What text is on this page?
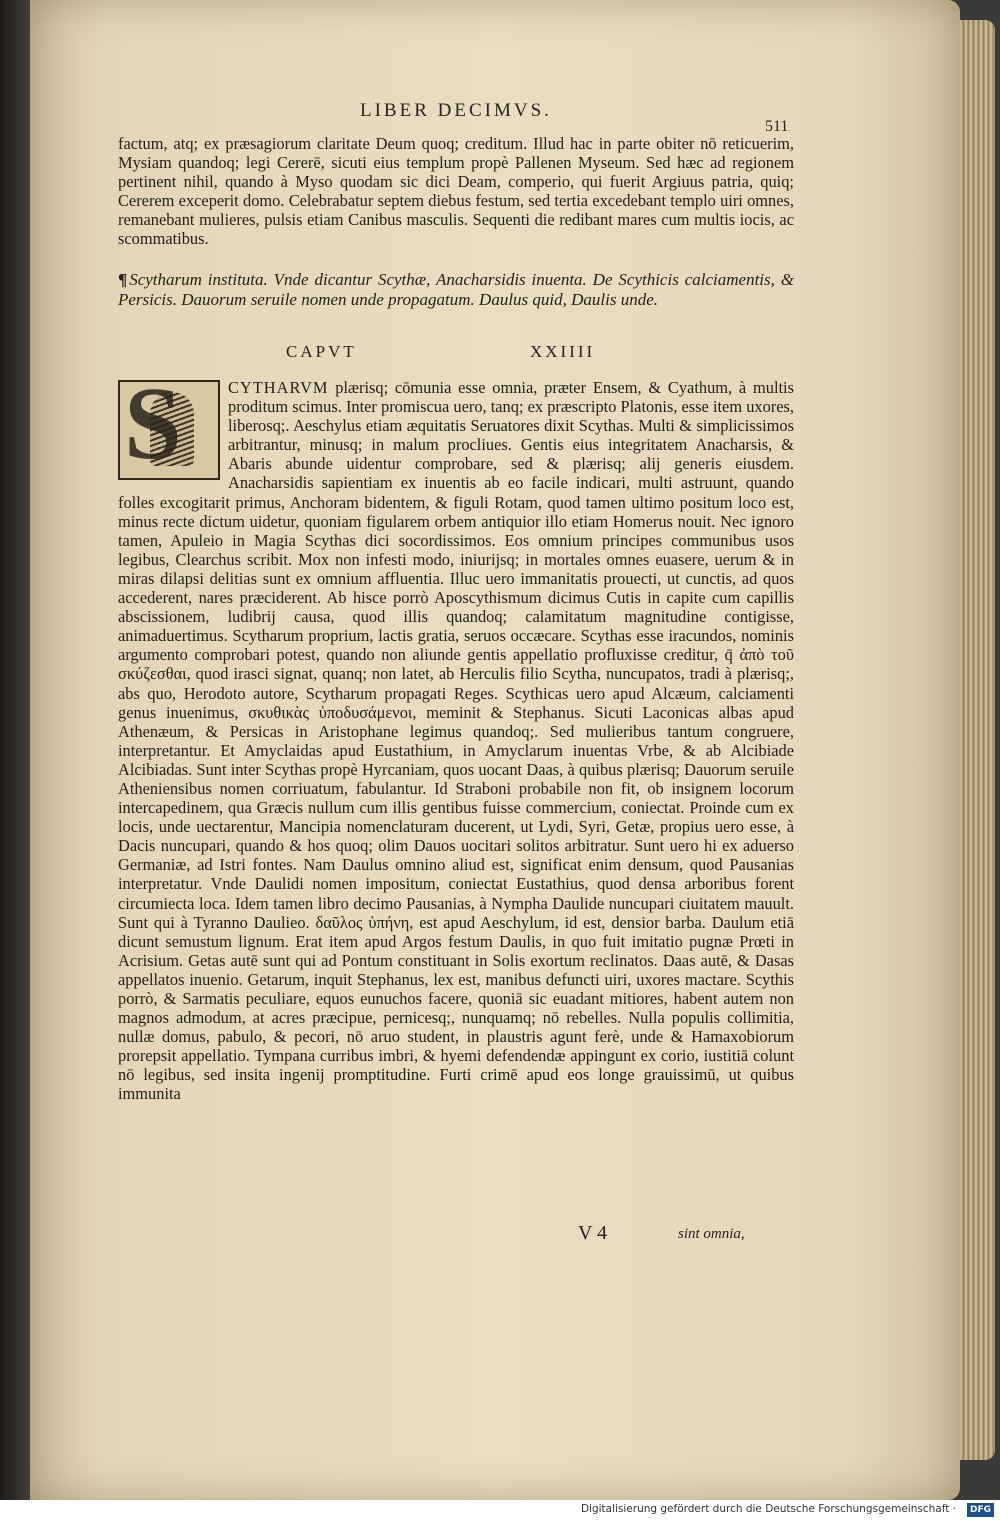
LIBER DECIMVS.

511

factum, atq; ex præsagiorum claritate Deum quoq; creditum. Illud hac in parte obiter nō reticuerim, Mysiam quandoq; legi Cererē, sicuti eius templum propè Pallenen Myseum. Sed hæc ad regionem pertinent nihil, quando à Myso quodam sic dici Deam, comperio, qui fuerit Argiuus patria, quiq; Cererem exceperit domo. Celebrabatur septem diebus festum, sed tertia excedebant templo uiri omnes, remanebant mulieres, pulsis etiam Canibus masculis. Sequenti die redibant mares cum multis iocis, ac scommatibus.

¶ Scytharum instituta. Vnde dicantur Scythæ, Anacharsidis inuenta. De Scythicis calciamentis, & Persicis. Dauorum seruile nomen unde propagatum. Daulus quid, Daulis unde.

CAPVT	XXIIII

S	CYTHARVM plærisq; cōmunia esse omnia, præter Ensem, & Cyathum, à multis proditum scimus. Inter promiscua uero, tanq; ex præscripto Platonis, esse item uxores, liberosq;. Aeschylus etiam æquitatis Seruatores dixit Scythas. Multi & simplicissimos arbitrantur, minusq; in malum procliues. Gentis eius integritatem Anacharsis, & Abaris abunde uidentur comprobare, sed & plærisq; alij generis eiusdem. Anacharsidis sapientiam ex inuentis ab eo facile indicari, multi astruunt, quando folles excogitarit primus, Anchoram bidentem, & figuli Rotam, quod tamen ultimo positum loco est, minus recte dictum uidetur, quoniam figularem orbem antiquior illo etiam Homerus nouit. Nec ignoro tamen, Apuleio in Magia Scythas dici socordissimos. Eos omnium principes communibus usos legibus, Clearchus scribit. Mox non infesti modo, iniurijsq; in mortales omnes euasere, uerum & in miras dilapsi delitias sunt ex omnium affluentia. Illuc uero immanitatis prouecti, ut cunctis, ad quos accederent, nares præciderent. Ab hisce porrò Aposcythismum dicimus Cutis in capite cum capillis abscissionem, ludibrij causa, quod illis quandoq; calamitatum magnitudine contigisse, animaduertimus. Scytharum proprium, lactis gratia, seruos occæcare. Scythas esse iracundos, nominis argumento comprobari potest, quando non aliunde gentis appellatio profluxisse creditur, q̄ ἀπὸ τοῦ σκύζεσθαι, quod irasci signat, quanq; non latet, ab Herculis filio Scytha, nuncupatos, tradi à plærisq;, abs quo, Herodoto autore, Scytharum propagati Reges. Scythicas uero apud Alcæum, calciamenti genus inuenimus, σκυθικὰς ὑποδυσάμενοι, meminit & Stephanus. Sicuti Laconicas albas apud Athenæum, & Persicas in Aristophane legimus quandoq;. Sed mulieribus tantum congruere, interpretantur. Et Amyclaidas apud Eustathium, in Amyclarum inuentas Vrbe, & ab Alcibiade Alcibiadas. Sunt inter Scythas propè Hyrcaniam, quos uocant Daas, à quibus plærisq; Dauorum seruile Atheniensibus nomen corriuatum, fabulantur. Id Straboni probabile non fit, ob insignem locorum intercapedinem, qua Græcis nullum cum illis gentibus fuisse commercium, coniectat. Proinde cum ex locis, unde uectarentur, Mancipia nomenclaturam ducerent, ut Lydi, Syri, Getæ, propius uero esse, à Dacis nuncupari, quando & hos quoq; olim Dauos uocitari solitos arbitratur. Sunt uero hi ex aduerso Germaniæ, ad Istri fontes. Nam Daulus omnino aliud est, significat enim densum, quod Pausanias interpretatur. Vnde Daulidi nomen impositum, coniectat Eustathius, quod densa arboribus forent circumiecta loca. Idem tamen libro decimo Pausanias, à Nympha Daulide nuncupari ciuitatem mauult. Sunt qui à Tyranno Daulieo. δαῦλος ὑπήνη, est apud Aeschylum, id est, densior barba. Daulum etiā dicunt semustum lignum. Erat item apud Argos festum Daulis, in quo fuit imitatio pugnæ Prœti in Acrisium. Getas autē sunt qui ad Pontum constituant in Solis exortum reclinatos. Daas autē, & Dasas appellatos inuenio. Getarum, inquit Stephanus, lex est, manibus defuncti uiri, uxores mactare. Scythis porrò, & Sarmatis peculiare, equos eunuchos facere, quoniā sic euadant mitiores, habent autem non magnos admodum, at acres præcipue, pernicesq;, nunquamq; nō rebelles. Nulla populis collimitia, nullæ domus, pabulo, & pecori, nō aruo student, in plaustris agunt ferè, unde & Hamaxobiorum prorepsit appellatio. Tympana curribus imbri, & hyemi defendendæ appingunt ex corio, iustitiā colunt nō legibus, sed insita ingenij promptitudine. Furti crimē apud eos longe grauissimū, ut quibus immunita

V 4	sint omnia,

Digitalisierung gefördert durch die Deutsche Forschungsgemeinschaft ·	DFG
